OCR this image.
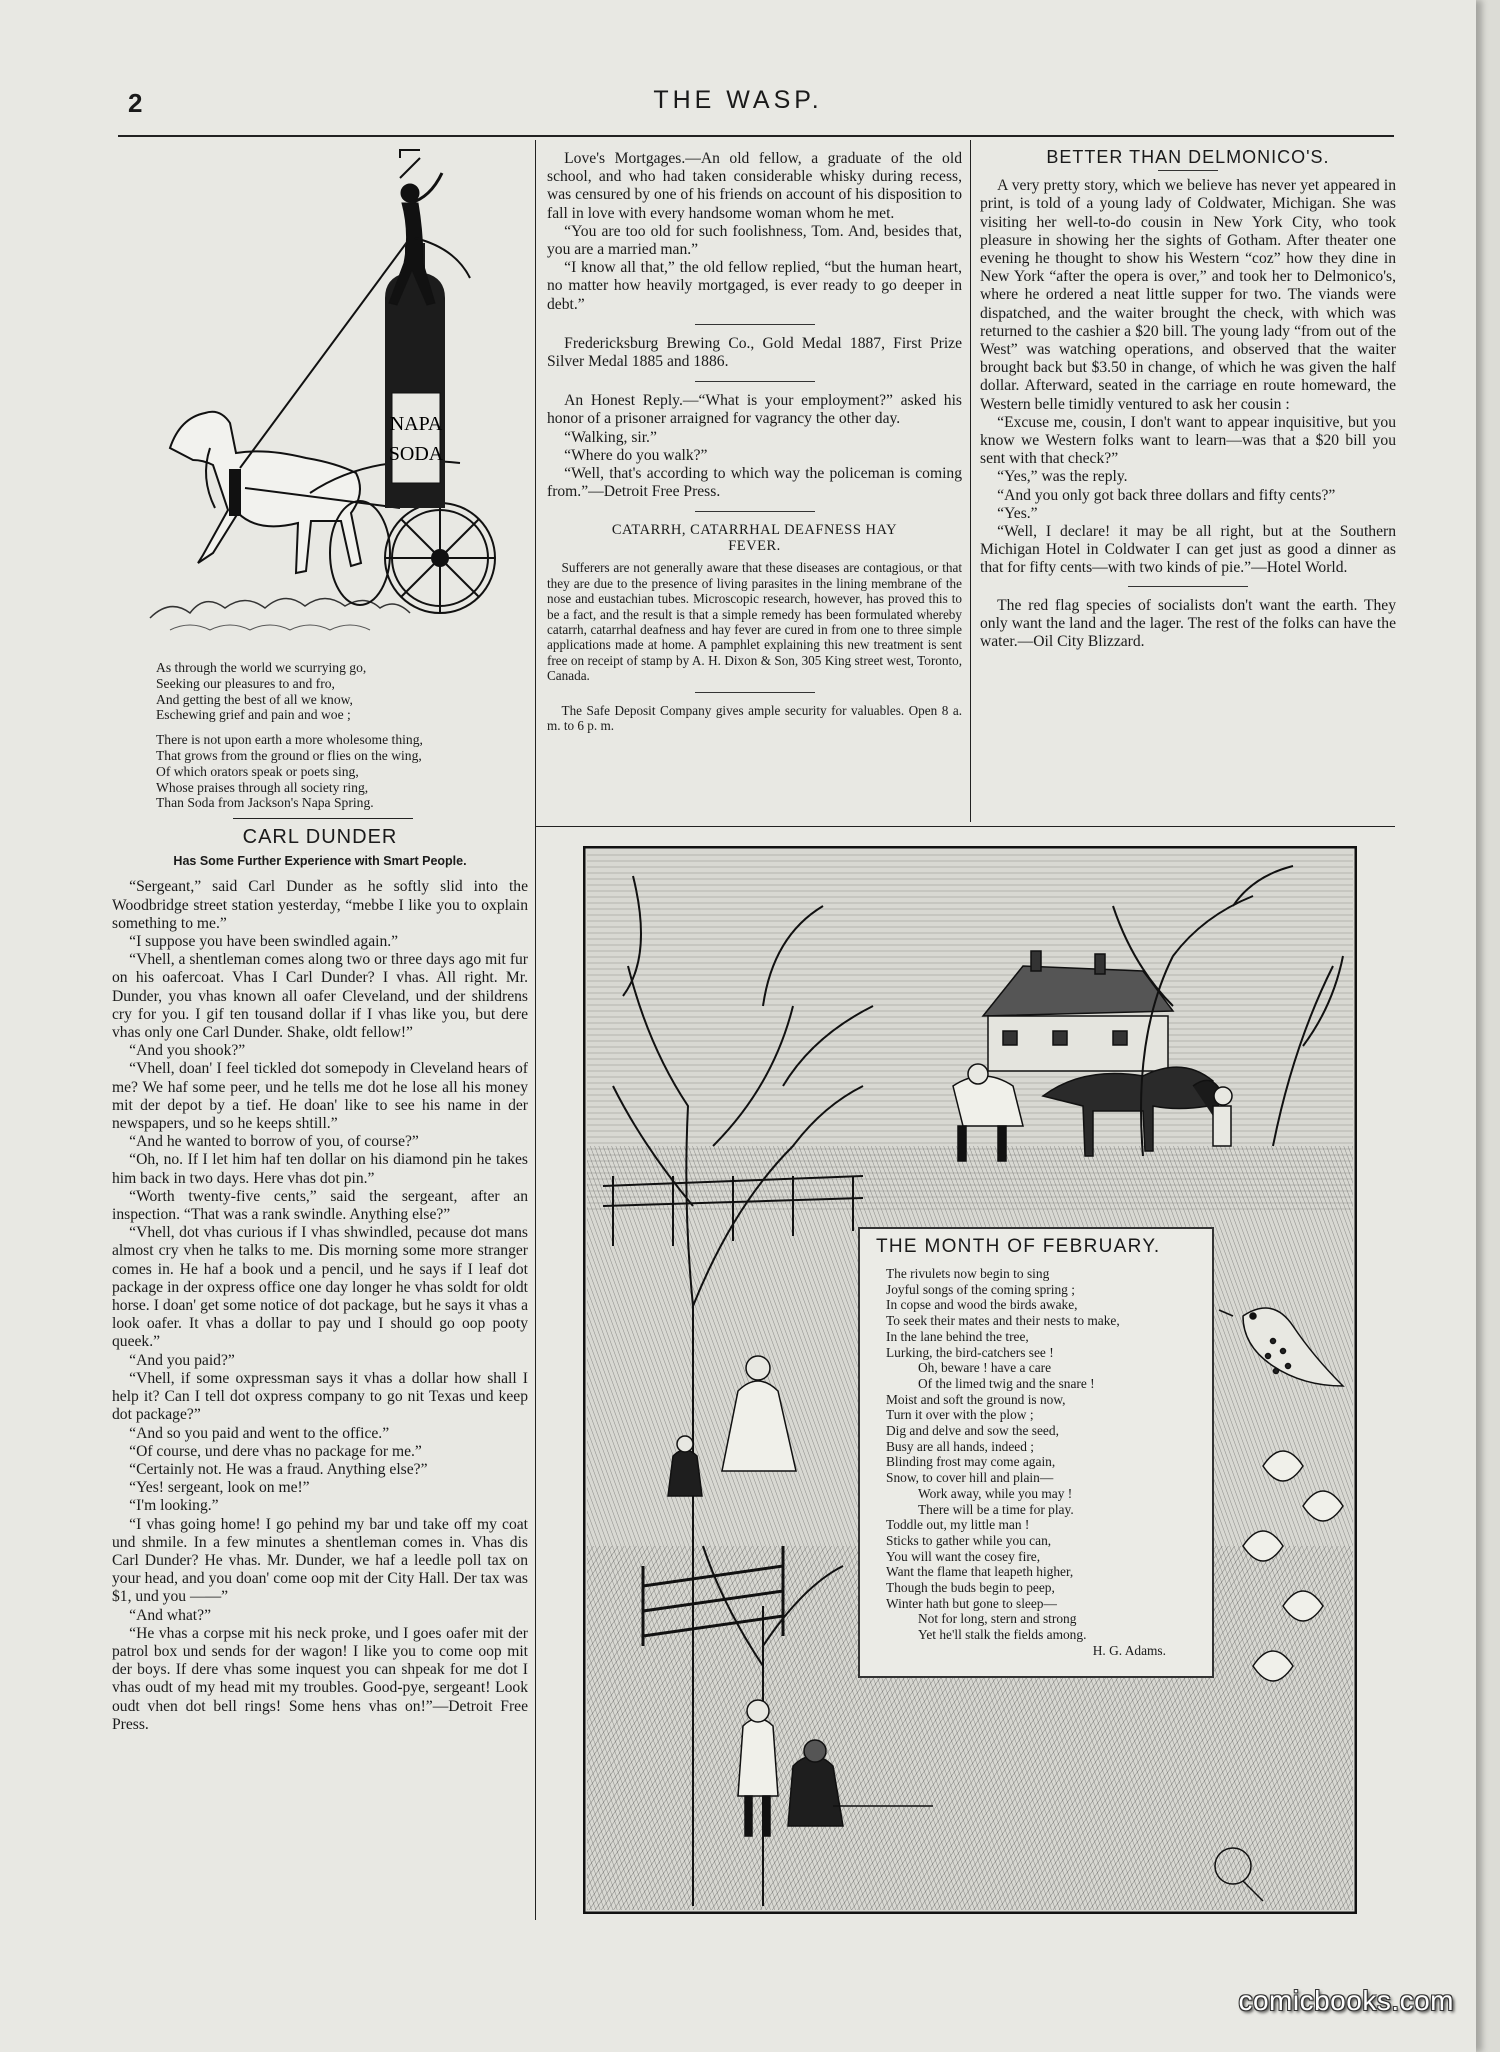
2	THE WASP.
NAPA
SODA
As through the world we scurrying go,
Seeking our pleasures to and fro,
And getting the best of all we know,
Eschewing grief and pain and woe ;
There is not upon earth a more wholesome thing,
That grows from the ground or flies on the wing,
Of which orators speak or poets sing,
Whose praises through all society ring,
Than Soda from Jackson's Napa Spring.
CARL DUNDER
Has Some Further Experience with Smart People.

“Sergeant,” said Carl Dunder as he softly slid into the Woodbridge street station yesterday, “mebbe I like you to oxplain something to me.”

“I suppose you have been swindled again.”

“Vhell, a shentleman comes along two or three days ago mit fur on his oafercoat. Vhas I Carl Dunder? I vhas. All right. Mr. Dunder, you vhas known all oafer Cleveland, und der shildrens cry for you. I gif ten tousand dollar if I vhas like you, but dere vhas only one Carl Dunder. Shake, oldt fellow!”

“And you shook?”

“Vhell, doan' I feel tickled dot somepody in Cleveland hears of me? We haf some peer, und he tells me dot he lose all his money mit der depot by a tief. He doan' like to see his name in der newspapers, und so he keeps shtill.”

“And he wanted to borrow of you, of course?”

“Oh, no. If I let him haf ten dollar on his diamond pin he takes him back in two days. Here vhas dot pin.”

“Worth twenty-five cents,” said the sergeant, after an inspection. “That was a rank swindle. Anything else?”

“Vhell, dot vhas curious if I vhas shwindled, pecause dot mans almost cry vhen he talks to me. Dis morning some more stranger comes in. He haf a book und a pencil, und he says if I leaf dot package in der oxpress office one day longer he vhas soldt for oldt horse. I doan' get some notice of dot package, but he says it vhas a look oafer. It vhas a dollar to pay und I should go oop pooty queek.”

“And you paid?”

“Vhell, if some oxpressman says it vhas a dollar how shall I help it? Can I tell dot oxpress company to go nit Texas und keep dot package?”

“And so you paid and went to the office.”

“Of course, und dere vhas no package for me.”

“Certainly not. He was a fraud. Anything else?”

“Yes! sergeant, look on me!”

“I'm looking.”

“I vhas going home! I go pehind my bar und take off my coat und shmile. In a few minutes a shentleman comes in. Vhas dis Carl Dunder? He vhas. Mr. Dunder, we haf a leedle poll tax on your head, and you doan' come oop mit der City Hall. Der tax was $1, und you ——”

“And what?”

“He vhas a corpse mit his neck proke, und I goes oafer mit der patrol box und sends for der wagon! I like you to come oop mit der boys. If dere vhas some inquest you can shpeak for me dot I vhas oudt of my head mit my troubles. Good-pye, sergeant! Look oudt vhen dot bell rings! Some hens vhas on!”—Detroit Free Press.

Love's Mortgages.—An old fellow, a graduate of the old school, and who had taken considerable whisky during recess, was censured by one of his friends on account of his disposition to fall in love with every handsome woman whom he met.

“You are too old for such foolishness, Tom. And, besides that, you are a married man.”

“I know all that,” the old fellow replied, “but the human heart, no matter how heavily mortgaged, is ever ready to go deeper in debt.”

Fredericksburg Brewing Co., Gold Medal 1887, First Prize Silver Medal 1885 and 1886.

An Honest Reply.—“What is your employment?” asked his honor of a prisoner arraigned for vagrancy the other day.

“Walking, sir.”

“Where do you walk?”

“Well, that's according to which way the policeman is coming from.”—Detroit Free Press.

CATARRH, CATARRHAL DEAFNESS HAY FEVER.

Sufferers are not generally aware that these diseases are contagious, or that they are due to the presence of living parasites in the lining membrane of the nose and eustachian tubes. Microscopic research, however, has proved this to be a fact, and the result is that a simple remedy has been formulated whereby catarrh, catarrhal deafness and hay fever are cured in from one to three simple applications made at home. A pamphlet explaining this new treatment is sent free on receipt of stamp by A. H. Dixon & Son, 305 King street west, Toronto, Canada.

The Safe Deposit Company gives ample security for valuables. Open 8 a. m. to 6 p. m.

BETTER THAN DELMONICO'S.

A very pretty story, which we believe has never yet appeared in print, is told of a young lady of Coldwater, Michigan. She was visiting her well-to-do cousin in New York City, who took pleasure in showing her the sights of Gotham. After theater one evening he thought to show his Western “coz” how they dine in New York “after the opera is over,” and took her to Delmonico's, where he ordered a neat little supper for two. The viands were dispatched, and the waiter brought the check, with which was returned to the cashier a $20 bill. The young lady “from out of the West” was watching operations, and observed that the waiter brought back but $3.50 in change, of which he was given the half dollar. Afterward, seated in the carriage en route homeward, the Western belle timidly ventured to ask her cousin :

“Excuse me, cousin, I don't want to appear inquisitive, but you know we Western folks want to learn—was that a $20 bill you sent with that check?”

“Yes,” was the reply.

“And you only got back three dollars and fifty cents?”

“Yes.”

“Well, I declare! it may be all right, but at the Southern Michigan Hotel in Coldwater I can get just as good a dinner as that for fifty cents—with two kinds of pie.”—Hotel World.

The red flag species of socialists don't want the earth. They only want the land and the lager. The rest of the folks can have the water.—Oil City Blizzard.

THE MONTH OF FEBRUARY.
The rivulets now begin to sing
Joyful songs of the coming spring ;
In copse and wood the birds awake,
To seek their mates and their nests to make,
In the lane behind the tree,
Lurking, the bird-catchers see !
Oh, beware ! have a care
Of the limed twig and the snare !
Moist and soft the ground is now,
Turn it over with the plow ;
Dig and delve and sow the seed,
Busy are all hands, indeed ;
Blinding frost may come again,
Snow, to cover hill and plain—
Work away, while you may !
There will be a time for play.
Toddle out, my little man !
Sticks to gather while you can,
You will want the cosey fire,
Want the flame that leapeth higher,
Though the buds begin to peep,
Winter hath but gone to sleep—
Not for long, stern and strong
Yet he'll stalk the fields among.
H. G. Adams.
comicbooks.com
